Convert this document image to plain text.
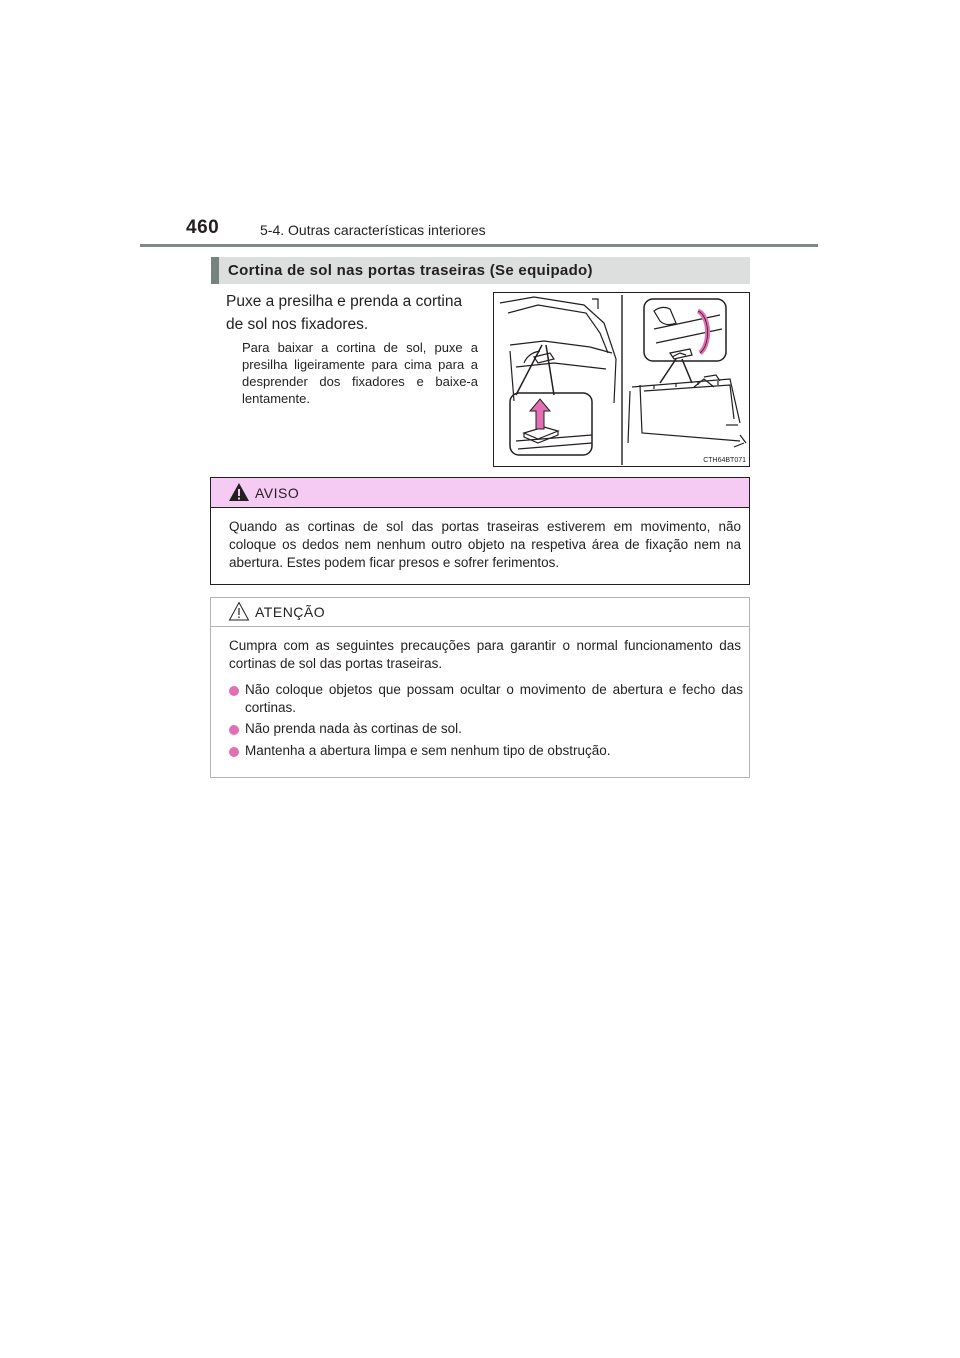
460	5-4. Outras características interiores
Cortina de sol nas portas traseiras (Se equipado)
Puxe a presilha e prenda a cortina de sol nos fixadores.
Para baixar a cortina de sol, puxe a presilha ligeiramente para cima para a desprender dos fixadores e baixe-a lentamente.
CTH64BT071
AVISO
Quando as cortinas de sol das portas traseiras estiverem em movimento, não coloque os dedos nem nenhum outro objeto na respetiva área de fixação nem na abertura. Estes podem ficar presos e sofrer ferimentos.
ATENÇÃO
Cumpra com as seguintes precauções para garantir o normal funcionamento das cortinas de sol das portas traseiras.
Não coloque objetos que possam ocultar o movimento de abertura e fecho das cortinas.
Não prenda nada às cortinas de sol.
Mantenha a abertura limpa e sem nenhum tipo de obstrução.
